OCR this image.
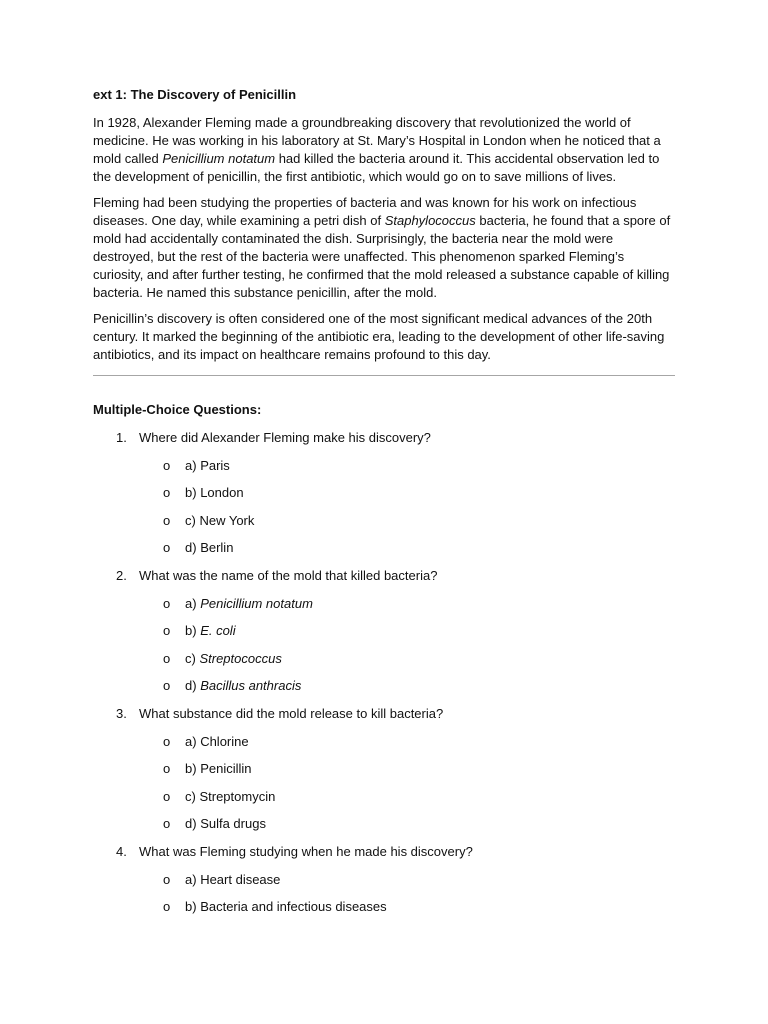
ext 1: The Discovery of Penicillin

In 1928, Alexander Fleming made a groundbreaking discovery that revolutionized the world of medicine. He was working in his laboratory at St. Mary’s Hospital in London when he noticed that a mold called Penicillium notatum had killed the bacteria around it. This accidental observation led to the development of penicillin, the first antibiotic, which would go on to save millions of lives.

Fleming had been studying the properties of bacteria and was known for his work on infectious diseases. One day, while examining a petri dish of Staphylococcus bacteria, he found that a spore of mold had accidentally contaminated the dish. Surprisingly, the bacteria near the mold were destroyed, but the rest of the bacteria were unaffected. This phenomenon sparked Fleming’s curiosity, and after further testing, he confirmed that the mold released a substance capable of killing bacteria. He named this substance penicillin, after the mold.

Penicillin’s discovery is often considered one of the most significant medical advances of the 20th century. It marked the beginning of the antibiotic era, leading to the development of other life-saving antibiotics, and its impact on healthcare remains profound to this day.

Multiple-Choice Questions:
1. Where did Alexander Fleming make his discovery?
o a) Paris
o b) London
o c) New York
o d) Berlin
2. What was the name of the mold that killed bacteria?
o a) Penicillium notatum
o b) E. coli
o c) Streptococcus
o d) Bacillus anthracis
3. What substance did the mold release to kill bacteria?
o a) Chlorine
o b) Penicillin
o c) Streptomycin
o d) Sulfa drugs
4. What was Fleming studying when he made his discovery?
o a) Heart disease
o b) Bacteria and infectious diseases
